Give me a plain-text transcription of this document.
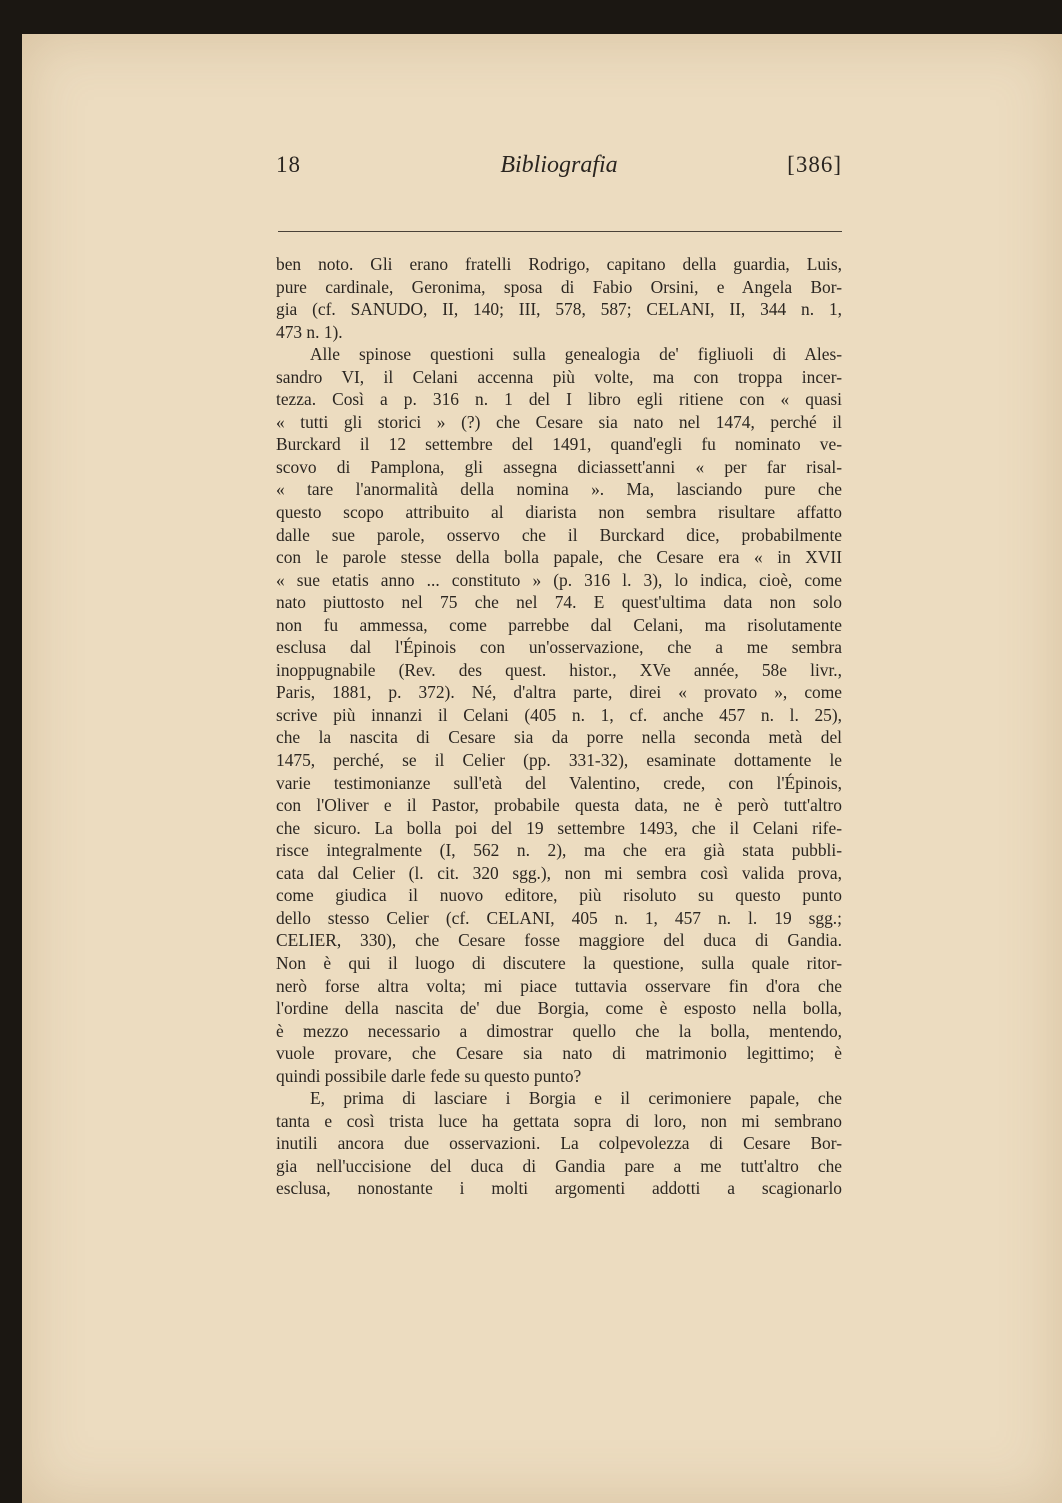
18	Bibliografia	[386]
ben noto. Gli erano fratelli Rodrigo, capitano della guardia, Luis,
pure cardinale, Geronima, sposa di Fabio Orsini, e Angela Bor-
gia (cf. SANUDO, II, 140; III, 578, 587; CELANI, II, 344 n. 1,
473 n. 1).
Alle spinose questioni sulla genealogia de' figliuoli di Ales-
sandro VI, il Celani accenna più volte, ma con troppa incer-
tezza. Così a p. 316 n. 1 del I libro egli ritiene con « quasi
« tutti gli storici » (?) che Cesare sia nato nel 1474, perché il
Burckard il 12 settembre del 1491, quand'egli fu nominato ve-
scovo di Pamplona, gli assegna diciassett'anni « per far risal-
« tare l'anormalità della nomina ». Ma, lasciando pure che
questo scopo attribuito al diarista non sembra risultare affatto
dalle sue parole, osservo che il Burckard dice, probabilmente
con le parole stesse della bolla papale, che Cesare era « in XVII
« sue etatis anno ... constituto » (p. 316 l. 3), lo indica, cioè, come
nato piuttosto nel 75 che nel 74. E quest'ultima data non solo
non fu ammessa, come parrebbe dal Celani, ma risolutamente
esclusa dal l'Épinois con un'osservazione, che a me sembra
inoppugnabile (Rev. des quest. histor., XVe année, 58e livr.,
Paris, 1881, p. 372). Né, d'altra parte, direi « provato », come
scrive più innanzi il Celani (405 n. 1, cf. anche 457 n. l. 25),
che la nascita di Cesare sia da porre nella seconda metà del
1475, perché, se il Celier (pp. 331-32), esaminate dottamente le
varie testimonianze sull'età del Valentino, crede, con l'Épinois,
con l'Oliver e il Pastor, probabile questa data, ne è però tutt'altro
che sicuro. La bolla poi del 19 settembre 1493, che il Celani rife-
risce integralmente (I, 562 n. 2), ma che era già stata pubbli-
cata dal Celier (l. cit. 320 sgg.), non mi sembra così valida prova,
come giudica il nuovo editore, più risoluto su questo punto
dello stesso Celier (cf. CELANI, 405 n. 1, 457 n. l. 19 sgg.;
CELIER, 330), che Cesare fosse maggiore del duca di Gandia.
Non è qui il luogo di discutere la questione, sulla quale ritor-
nerò forse altra volta; mi piace tuttavia osservare fin d'ora che
l'ordine della nascita de' due Borgia, come è esposto nella bolla,
è mezzo necessario a dimostrar quello che la bolla, mentendo,
vuole provare, che Cesare sia nato di matrimonio legittimo; è
quindi possibile darle fede su questo punto?
E, prima di lasciare i Borgia e il cerimoniere papale, che
tanta e così trista luce ha gettata sopra di loro, non mi sembrano
inutili ancora due osservazioni. La colpevolezza di Cesare Bor-
gia nell'uccisione del duca di Gandia pare a me tutt'altro che
esclusa, nonostante i molti argomenti addotti a scagionarlo
